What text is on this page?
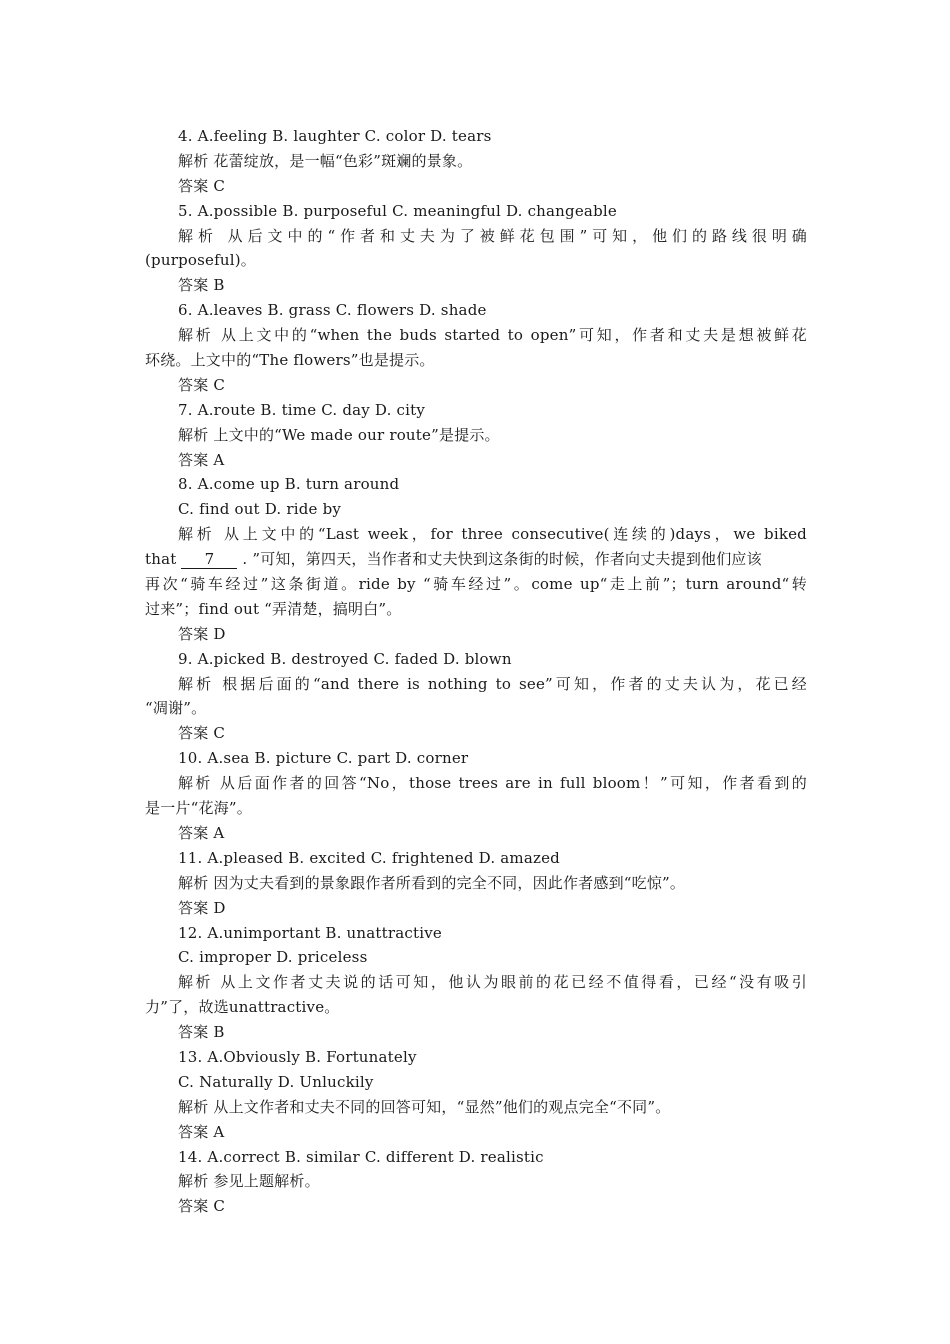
4. A.feeling B. laughter C. color D. tears
解析 花蕾绽放，是一幅“色彩”斑斓的景象。
答案 C
5. A.possible B. purposeful C. meaningful D. changeable
解析 从后文中的“作者和丈夫为了被鲜花包围”可知，他们的路线很明确
(purposeful)。
答案 B
6. A.leaves B. grass C. flowers D. shade
解析 从上文中的“when the buds started to open”可知，作者和丈夫是想被鲜花
环绕。上文中的“The flowers”也是提示。
答案 C
7. A.route B. time C. day D. city
解析 上文中的“We made our route”是提示。
答案 A
8. A.come up B. turn around
C. find out D. ride by
解析 从上文中的“Last week，for three consecutive(连续的)days，we biked
that 7 . ”可知，第四天，当作者和丈夫快到这条街的时候，作者向丈夫提到他们应该
再次“骑车经过”这条街道。ride by “骑车经过”。come up“走上前”；turn around“转
过来”；find out “弄清楚，搞明白”。
答案 D
9. A.picked B. destroyed C. faded D. blown
解析 根据后面的“and there is nothing to see”可知，作者的丈夫认为，花已经
“凋谢”。
答案 C
10. A.sea B. picture C. part D. corner
解析 从后面作者的回答“No，those trees are in full bloom！”可知，作者看到的
是一片“花海”。
答案 A
11. A.pleased B. excited C. frightened D. amazed
解析 因为丈夫看到的景象跟作者所看到的完全不同，因此作者感到“吃惊”。
答案 D
12. A.unimportant B. unattractive
C. improper D. priceless
解析 从上文作者丈夫说的话可知，他认为眼前的花已经不值得看，已经“没有吸引
力”了，故选unattractive。
答案 B
13. A.Obviously B. Fortunately
C. Naturally D. Unluckily
解析 从上文作者和丈夫不同的回答可知，“显然”他们的观点完全“不同”。
答案 A
14. A.correct B. similar C. different D. realistic
解析 参见上题解析。
答案 C
